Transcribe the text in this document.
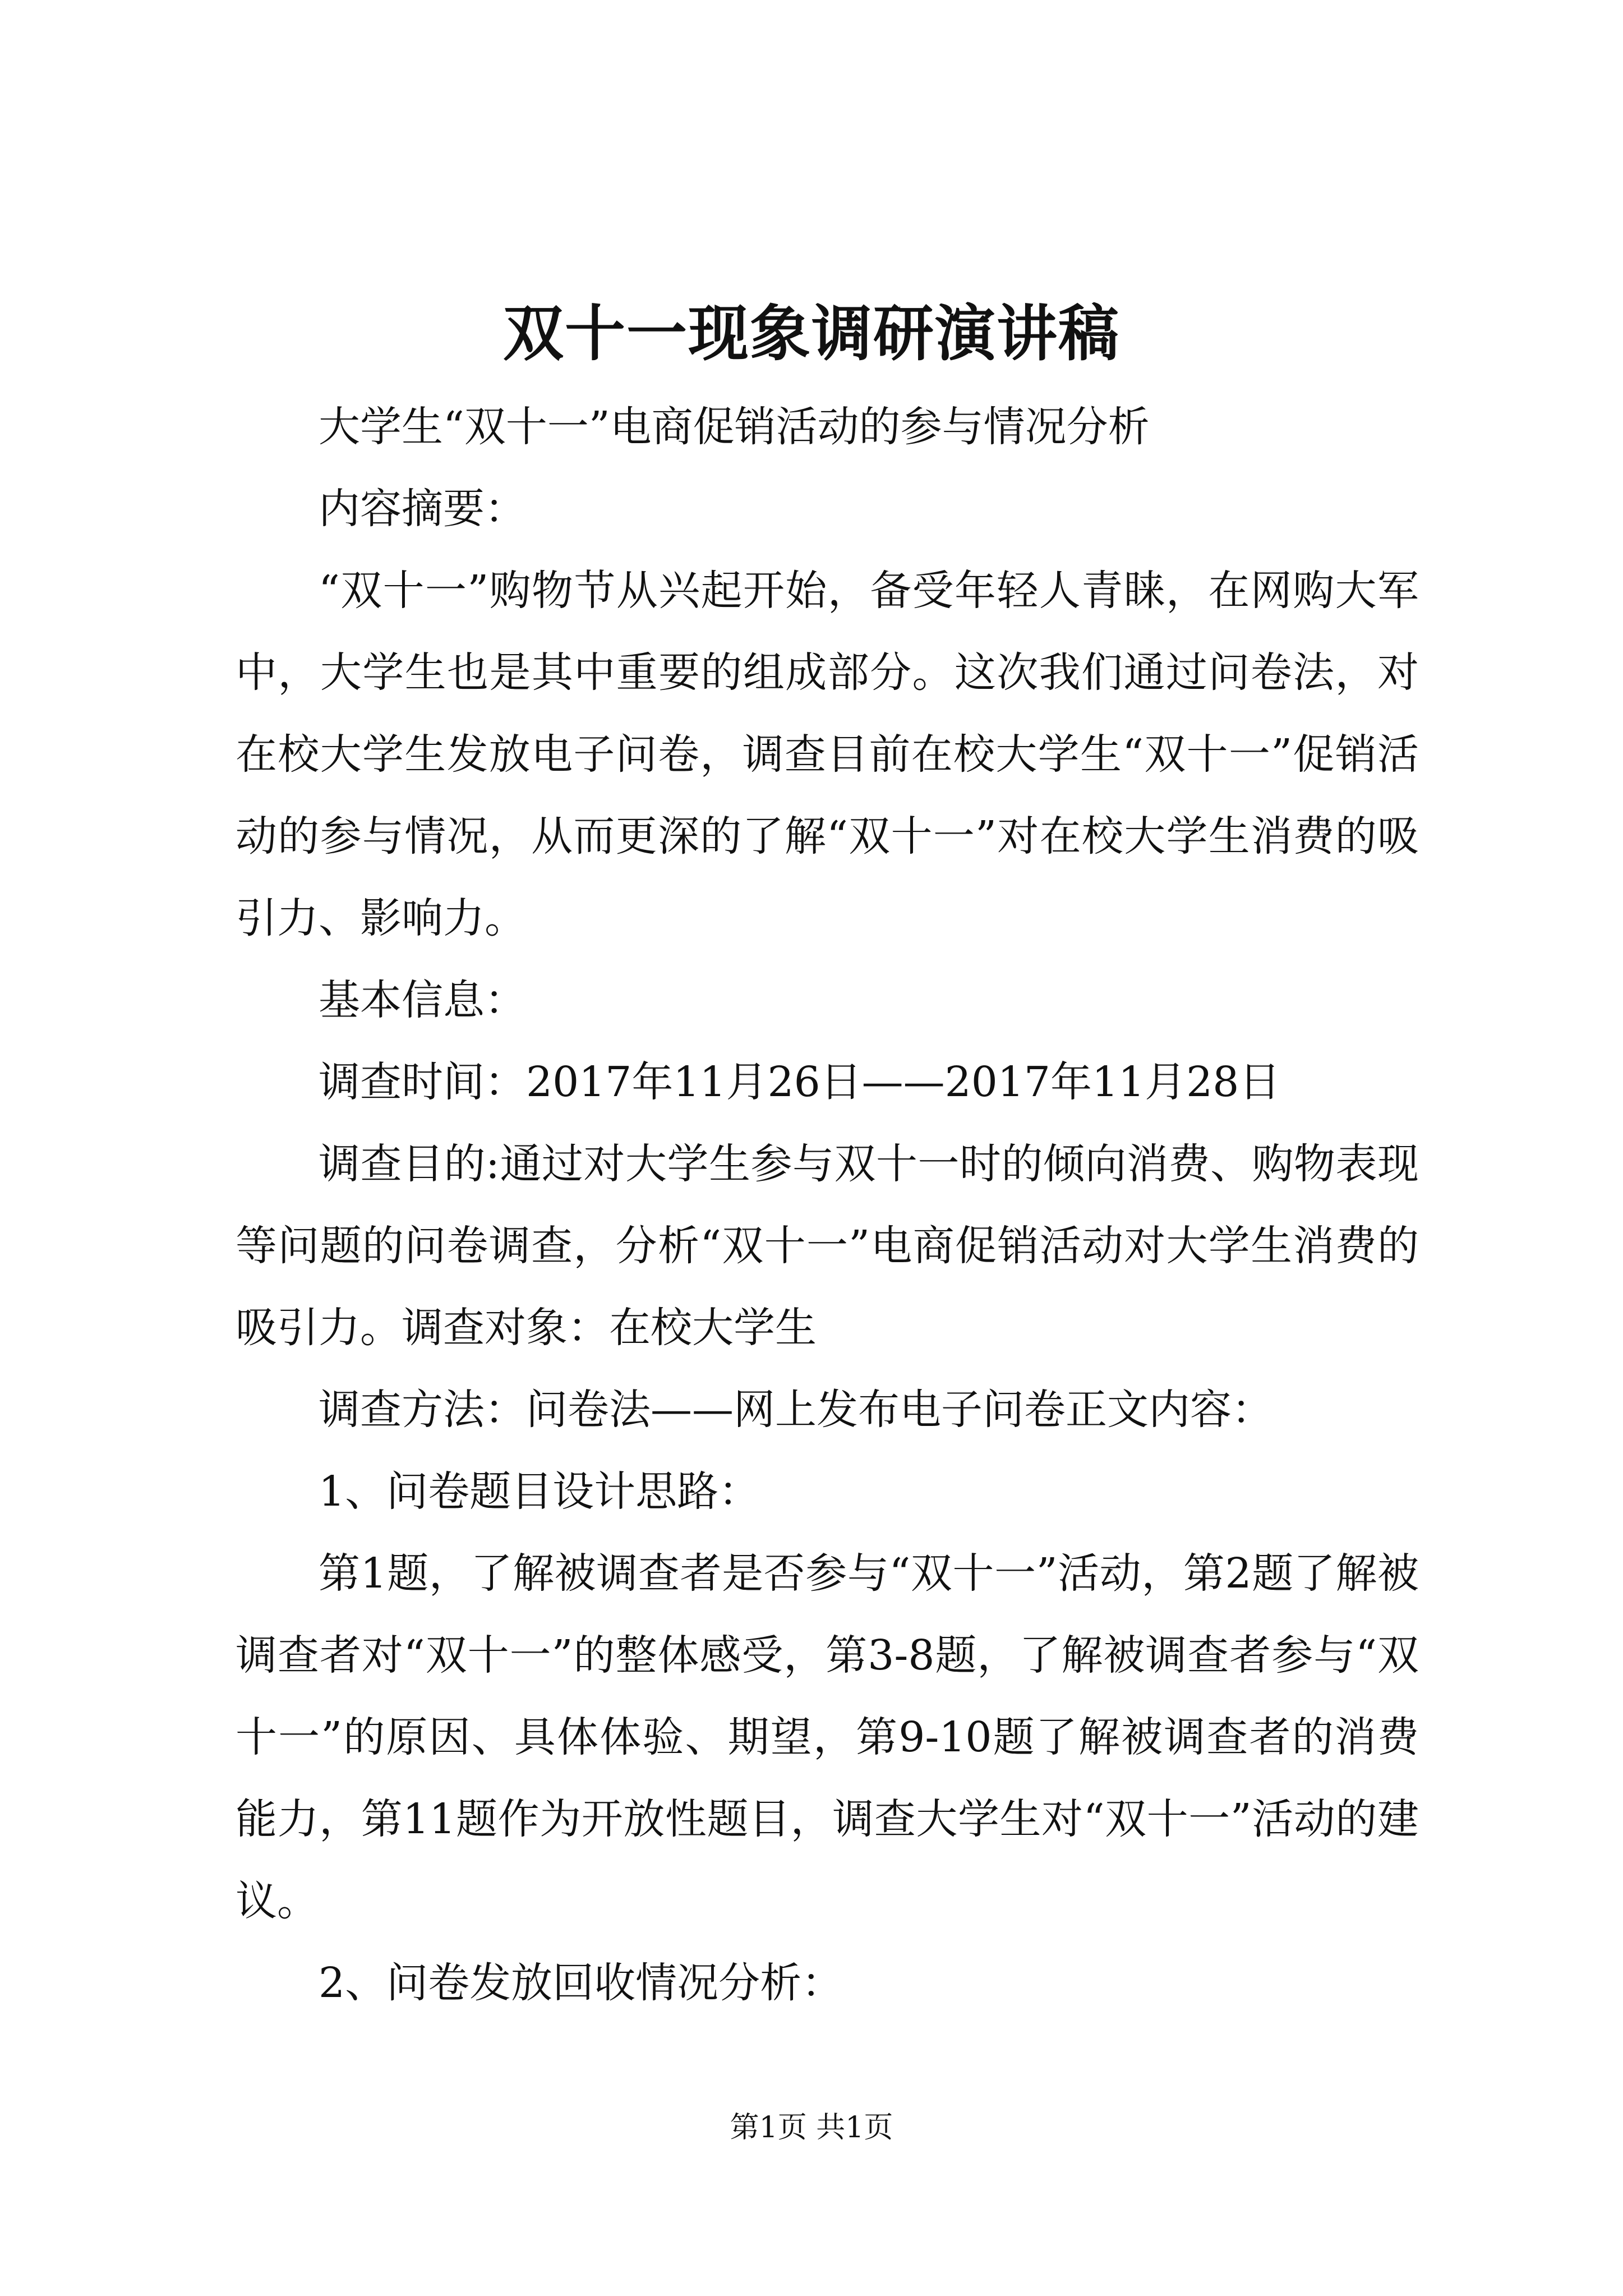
双十一现象调研演讲稿

大学生“双十一”电商促销活动的参与情况分析

内容摘要：

“双十一”购物节从兴起开始，备受年轻人青睐，在网购大军中，大学生也是其中重要的组成部分。这次我们通过问卷法，对在校大学生发放电子问卷，调查目前在校大学生“双十一”促销活动的参与情况，从而更深的了解“双十一”对在校大学生消费的吸引力、影响力。

基本信息：

调查时间：2017年11月26日——2017年11月28日

调查目的:通过对大学生参与双十一时的倾向消费、购物表现等问题的问卷调查，分析“双十一”电商促销活动对大学生消费的吸引力。调查对象：在校大学生

调查方法：问卷法——网上发布电子问卷正文内容：

1、问卷题目设计思路：

第1题，了解被调查者是否参与“双十一”活动，第2题了解被调查者对“双十一”的整体感受，第3-8题，了解被调查者参与“双十一”的原因、具体体验、期望，第9-10题了解被调查者的消费能力，第11题作为开放性题目，调查大学生对“双十一”活动的建议。

2、问卷发放回收情况分析：

第1页 共1页
